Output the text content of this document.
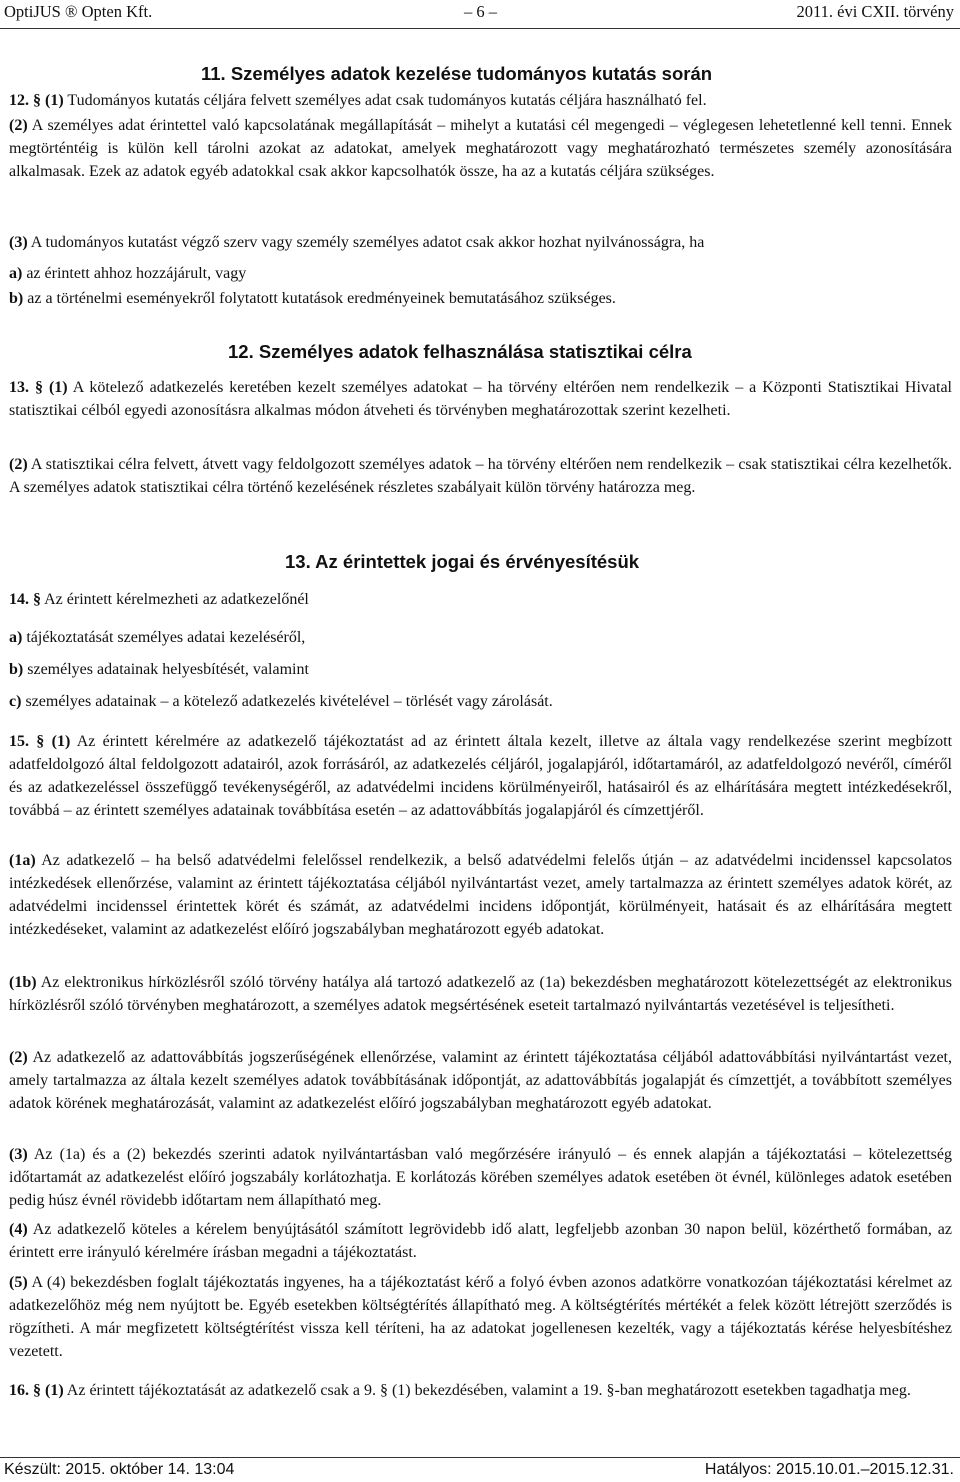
OptiJUS ® Opten Kft.	– 6 –	2011. évi CXII. törvény
11. Személyes adatok kezelése tudományos kutatás során

12. § (1) Tudományos kutatás céljára felvett személyes adat csak tudományos kutatás céljára használható fel.

(2) A személyes adat érintettel való kapcsolatának megállapítását – mihelyt a kutatási cél megengedi – véglegesen lehetetlenné kell tenni. Ennek megtörténtéig is külön kell tárolni azokat az adatokat, amelyek meghatározott vagy meghatározható természetes személy azonosítására alkalmasak. Ezek az adatok egyéb adatokkal csak akkor kapcsolhatók össze, ha az a kutatás céljára szükséges.

(3) A tudományos kutatást végző szerv vagy személy személyes adatot csak akkor hozhat nyilvánosságra, ha

a) az érintett ahhoz hozzájárult, vagy

b) az a történelmi eseményekről folytatott kutatások eredményeinek bemutatásához szükséges.

12. Személyes adatok felhasználása statisztikai célra

13. § (1) A kötelező adatkezelés keretében kezelt személyes adatokat – ha törvény eltérően nem rendelkezik – a Központi Statisztikai Hivatal statisztikai célból egyedi azonosításra alkalmas módon átveheti és törvényben meghatározottak szerint kezelheti.

(2) A statisztikai célra felvett, átvett vagy feldolgozott személyes adatok – ha törvény eltérően nem rendelkezik – csak statisztikai célra kezelhetők. A személyes adatok statisztikai célra történő kezelésének részletes szabályait külön törvény határozza meg.

13. Az érintettek jogai és érvényesítésük

14. § Az érintett kérelmezheti az adatkezelőnél

a) tájékoztatását személyes adatai kezeléséről,

b) személyes adatainak helyesbítését, valamint

c) személyes adatainak – a kötelező adatkezelés kivételével – törlését vagy zárolását.

15. § (1) Az érintett kérelmére az adatkezelő tájékoztatást ad az érintett általa kezelt, illetve az általa vagy rendelkezése szerint megbízott adatfeldolgozó által feldolgozott adatairól, azok forrásáról, az adatkezelés céljáról, jogalapjáról, időtartamáról, az adatfeldolgozó nevéről, címéről és az adatkezeléssel összefüggő tevékenységéről, az adatvédelmi incidens körülményeiről, hatásairól és az elhárítására megtett intézkedésekről, továbbá – az érintett személyes adatainak továbbítása esetén – az adattovábbítás jogalapjáról és címzettjéről.

(1a) Az adatkezelő – ha belső adatvédelmi felelőssel rendelkezik, a belső adatvédelmi felelős útján – az adatvédelmi incidenssel kapcsolatos intézkedések ellenőrzése, valamint az érintett tájékoztatása céljából nyilvántartást vezet, amely tartalmazza az érintett személyes adatok körét, az adatvédelmi incidenssel érintettek körét és számát, az adatvédelmi incidens időpontját, körülményeit, hatásait és az elhárítására megtett intézkedéseket, valamint az adatkezelést előíró jogszabályban meghatározott egyéb adatokat.

(1b) Az elektronikus hírközlésről szóló törvény hatálya alá tartozó adatkezelő az (1a) bekezdésben meghatározott kötelezettségét az elektronikus hírközlésről szóló törvényben meghatározott, a személyes adatok megsértésének eseteit tartalmazó nyilvántartás vezetésével is teljesítheti.

(2) Az adatkezelő az adattovábbítás jogszerűségének ellenőrzése, valamint az érintett tájékoztatása céljából adattovábbítási nyilvántartást vezet, amely tartalmazza az általa kezelt személyes adatok továbbításának időpontját, az adattovábbítás jogalapját és címzettjét, a továbbított személyes adatok körének meghatározását, valamint az adatkezelést előíró jogszabályban meghatározott egyéb adatokat.

(3) Az (1a) és a (2) bekezdés szerinti adatok nyilvántartásban való megőrzésére irányuló – és ennek alapján a tájékoztatási – kötelezettség időtartamát az adatkezelést előíró jogszabály korlátozhatja. E korlátozás körében személyes adatok esetében öt évnél, különleges adatok esetében pedig húsz évnél rövidebb időtartam nem állapítható meg.

(4) Az adatkezelő köteles a kérelem benyújtásától számított legrövidebb idő alatt, legfeljebb azonban 30 napon belül, közérthető formában, az érintett erre irányuló kérelmére írásban megadni a tájékoztatást.

(5) A (4) bekezdésben foglalt tájékoztatás ingyenes, ha a tájékoztatást kérő a folyó évben azonos adatkörre vonatkozóan tájékoztatási kérelmet az adatkezelőhöz még nem nyújtott be. Egyéb esetekben költségtérítés állapítható meg. A költségtérítés mértékét a felek között létrejött szerződés is rögzítheti. A már megfizetett költségtérítést vissza kell téríteni, ha az adatokat jogellenesen kezelték, vagy a tájékoztatás kérése helyesbítéshez vezetett.

16. § (1) Az érintett tájékoztatását az adatkezelő csak a 9. § (1) bekezdésében, valamint a 19. §-ban meghatározott esetekben tagadhatja meg.

Készült: 2015. október 14. 13:04	Hatályos: 2015.10.01.–2015.12.31.
